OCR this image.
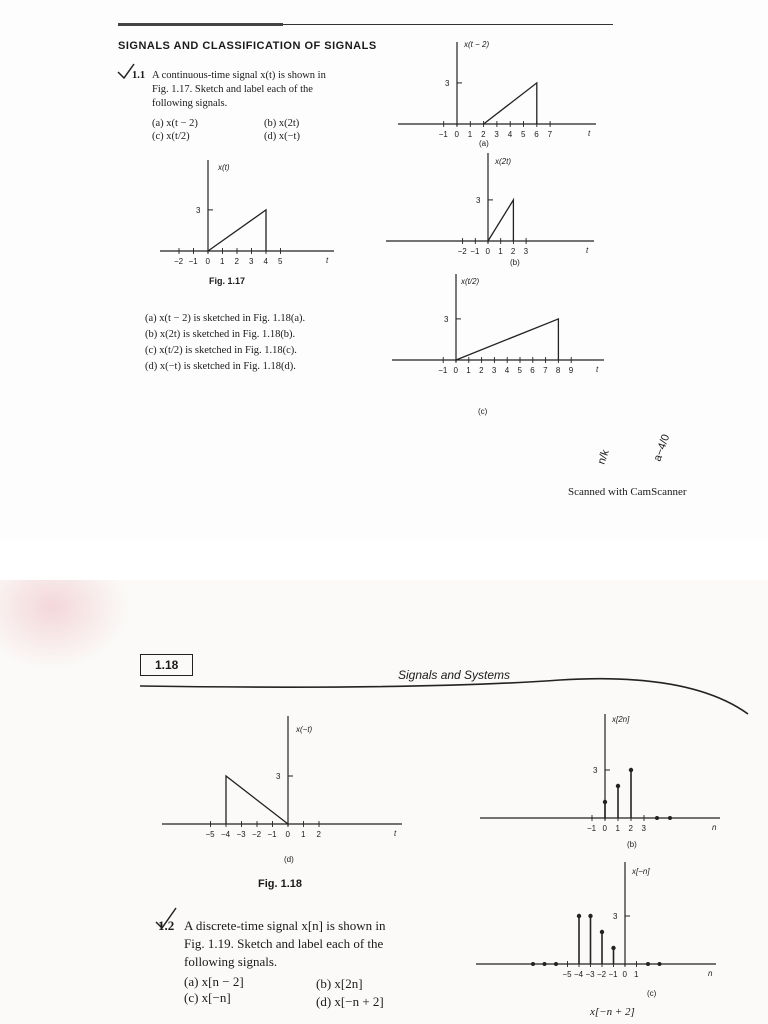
SIGNALS AND CLASSIFICATION OF SIGNALS
1.1 A continuous-time signal x(t) is shown in
Fig. 1.17. Sketch and label each of the
following signals.
(a) x(t − 2)	(b) x(2t)
(c) x(t/2)	(d) x(−t)
(a) x(t − 2) is sketched in Fig. 1.18(a).
(b) x(2t) is sketched in Fig. 1.18(b).
(c) x(t/2) is sketched in Fig. 1.18(c).
(d) x(−t) is sketched in Fig. 1.18(d).
Scanned with CamScanner
1.18
Signals and Systems
Fig. 1.18
1.2 A discrete-time signal x[n] is shown in
Fig. 1.19. Sketch and label each of the
following signals.
(a) x[n − 2]	(b) x[2n]
(c) x[−n]	(d) x[−n + 2]
x[−n + 2]
n/k	a−4/0
3
x(t)
−2 −1 0 1 2 3 4 5	t
Fig. 1.17
3
x(t − 2)
−1 0 1 2 3 4 5 6 7	t
(a)
3
x(2t)
−2 −1 0 1 2 3	t
(b)
3
x(t/2)
−1 0 1 2 3 4 5 6 7 8 9	t
(c)
3
x(−t)
−5 −4 −3 −2 −1 0 1 2	t
(d)
3
x[2n]
−1 0 1 2 3	n
(b)
3
x[−n]
−5 −4 −3 −2 −1 0 1	n
(c)
